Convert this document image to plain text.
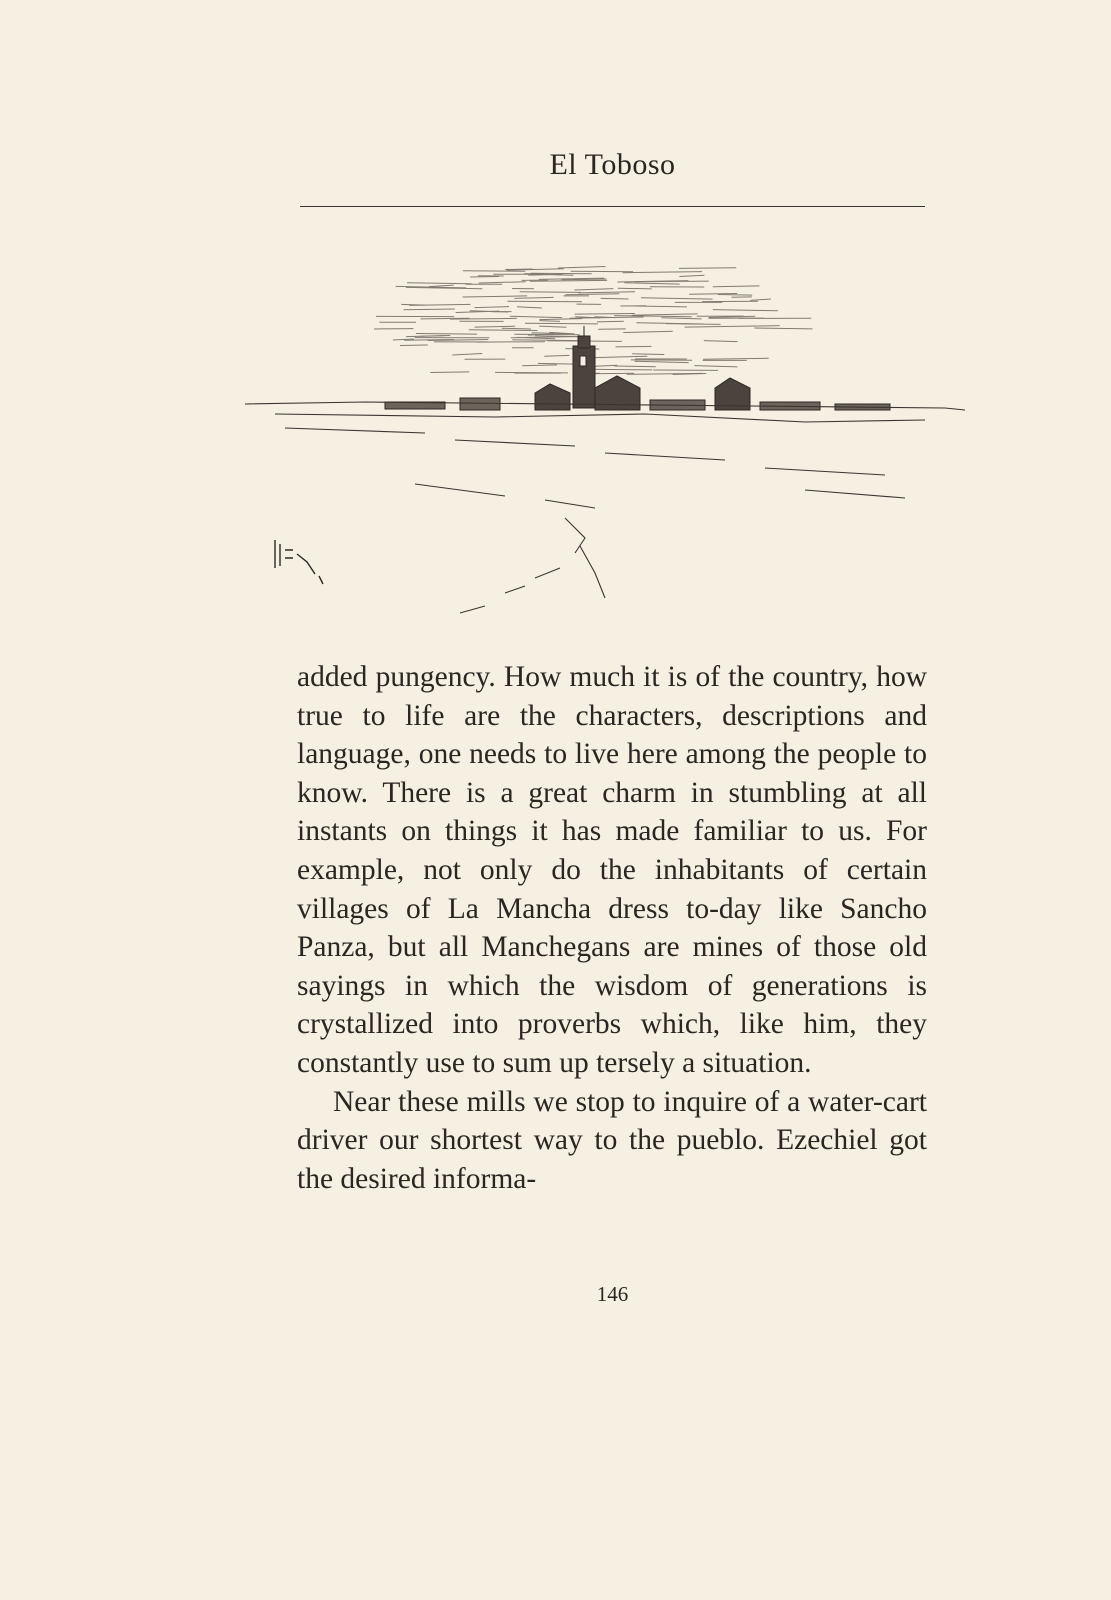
El Toboso

added pungency. How much it is of the country, how true to life are the characters, descriptions and language, one needs to live here among the people to know. There is a great charm in stumbling at all instants on things it has made familiar to us. For example, not only do the inhabitants of certain villages of La Mancha dress to-day like Sancho Panza, but all Manchegans are mines of those old sayings in which the wisdom of generations is crystallized into proverbs which, like him, they constantly use to sum up tersely a situation.

Near these mills we stop to inquire of a water-cart driver our shortest way to the pueblo. Ezechiel got the desired informa-

146
